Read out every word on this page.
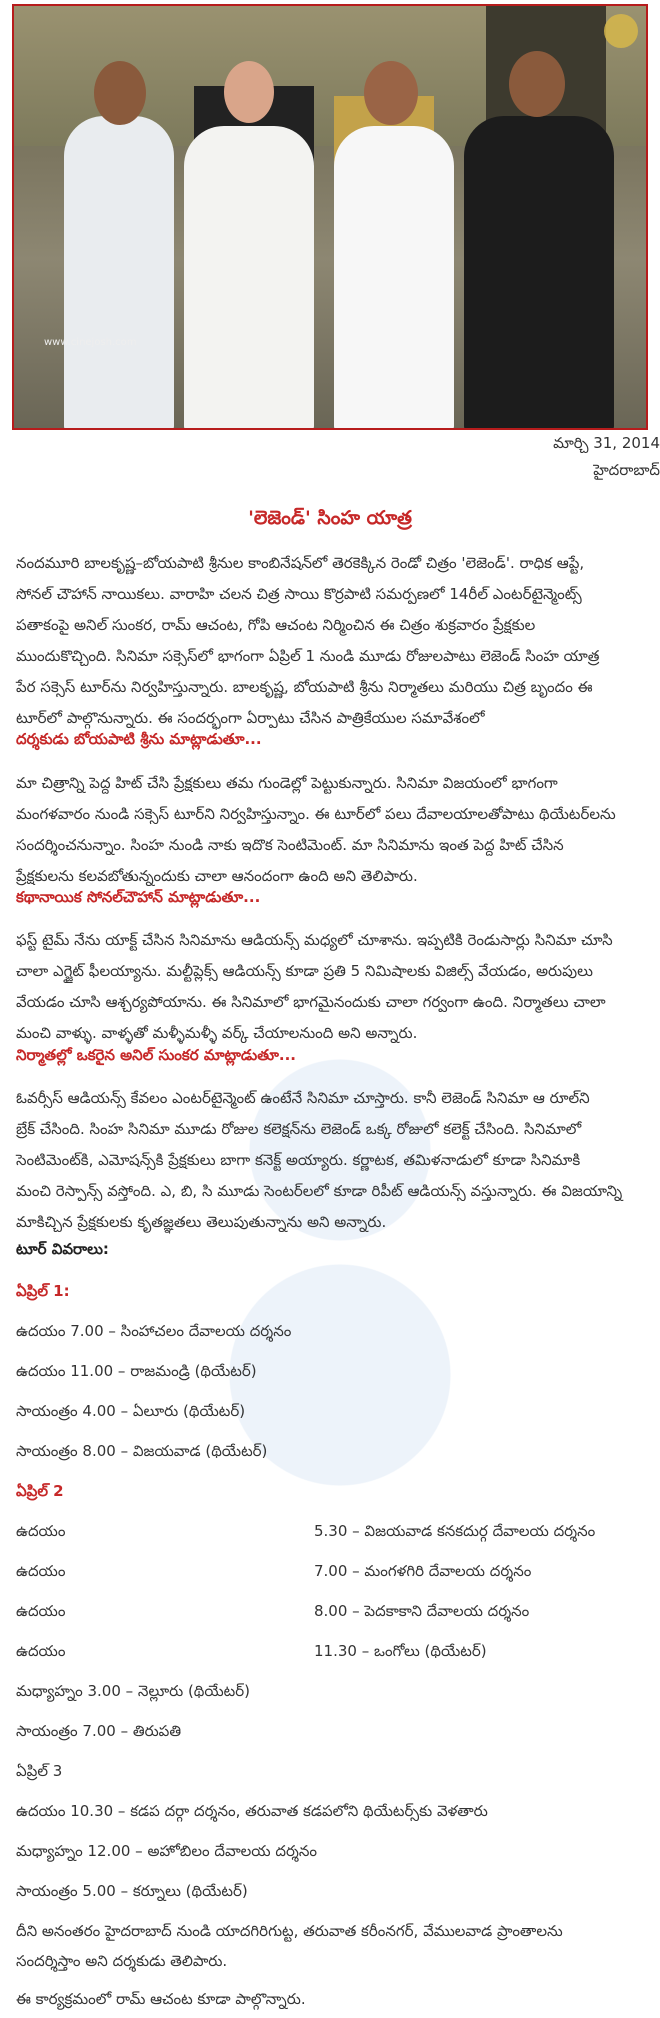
www.cinejosh.com
మార్చి 31, 2014
హైదరాబాద్
'లెజెండ్' సింహ యాత్ర
నందమూరి బాలకృష్ణ–బోయపాటి శ్రీనుల కాంబినేషన్‌లో తెరకెక్కిన రెండో చిత్రం 'లెజెండ్'. రాధిక ఆప్టే,
సోనల్ చౌహాన్ నాయికలు. వారాహి చలన చిత్ర సాయి కొర్రపాటి సమర్పణలో 14రీల్ ఎంటర్‌టైన్మెంట్స్
పతాకంపై అనిల్ సుంకర, రామ్ ఆచంట, గోపి ఆచంట నిర్మించిన ఈ చిత్రం శుక్రవారం ప్రేక్షకుల
ముందుకొచ్చింది. సినిమా సక్సెస్‌లో భాగంగా ఏప్రిల్ 1 నుండి మూడు రోజులపాటు లెజెండ్ సింహ యాత్ర
పేర సక్సెస్ టూర్‌ను నిర్వహిస్తున్నారు. బాలకృష్ణ, బోయపాటి శ్రీను నిర్మాతలు మరియు చిత్ర బృందం ఈ
టూర్‌లో పాల్గొనున్నారు. ఈ సందర్భంగా ఏర్పాటు చేసిన పాత్రికేయుల సమావేశంలో
దర్శకుడు బోయపాటి శ్రీను మాట్లాడుతూ...
మా చిత్రాన్ని పెద్ద హిట్ చేసి ప్రేక్షకులు తమ గుండెల్లో పెట్టుకున్నారు. సినిమా విజయంలో భాగంగా
మంగళవారం నుండి సక్సెస్ టూర్‌ని నిర్వహిస్తున్నాం. ఈ టూర్‌లో పలు దేవాలయాలతోపాటు థియేటర్‌లను
సందర్శించనున్నాం. సింహ నుండి నాకు ఇదొక సెంటిమెంట్. మా సినిమాను ఇంత పెద్ద హిట్ చేసిన
ప్రేక్షకులను కలవబోతున్నందుకు చాలా ఆనందంగా ఉంది అని తెలిపారు.
కథానాయిక సోనల్‌చౌహాన్ మాట్లాడుతూ...
ఫస్ట్ టైమ్ నేను యాక్ట్ చేసిన సినిమాను ఆడియన్స్ మధ్యలో చూశాను. ఇప్పటికి రెండుసార్లు సినిమా చూసి
చాలా ఎగ్జైట్ ఫీలయ్యాను. మల్టీప్లెక్స్ ఆడియన్స్ కూడా ప్రతి 5 నిమిషాలకు విజిల్స్ వేయడం, అరుపులు
వేయడం చూసి ఆశ్చర్యపోయాను. ఈ సినిమాలో భాగమైనందుకు చాలా గర్వంగా ఉంది. నిర్మాతలు చాలా
మంచి వాళ్ళు. వాళ్ళతో మళ్ళీమళ్ళీ వర్క్ చేయాలనుంది అని అన్నారు.
నిర్మాతల్లో ఒకరైన అనిల్ సుంకర మాట్లాడుతూ...
ఓవర్సీస్ ఆడియన్స్ కేవలం ఎంటర్‌టైన్మెంట్ ఉంటేనే సినిమా చూస్తారు. కానీ లెజెండ్ సినిమా ఆ రూల్‌ని
బ్రేక్ చేసింది. సింహ సినిమా మూడు రోజుల కలెక్షన్‌ను లెజెండ్ ఒక్క రోజులో కలెక్ట్ చేసింది. సినిమాలో
సెంటిమెంట్‌కి, ఎమోషన్స్‌కి ప్రేక్షకులు బాగా కనెక్ట్ అయ్యారు. కర్ణాటక, తమిళనాడులో కూడా సినిమాకి
మంచి రెస్పాన్స్ వస్తోంది. ఎ, బి, సి మూడు సెంటర్‌లలో కూడా రిపీట్ ఆడియన్స్ వస్తున్నారు. ఈ విజయాన్ని
మాకిచ్చిన ప్రేక్షకులకు కృతజ్ఞతలు తెలుపుతున్నాను అని అన్నారు.
టూర్ వివరాలు:
ఏప్రిల్ 1:
ఉదయం 7.00 – సింహాచలం దేవాలయ దర్శనం
ఉదయం 11.00 – రాజమండ్రి (థియేటర్)
సాయంత్రం 4.00 – ఏలూరు (థియేటర్)
సాయంత్రం 8.00 – విజయవాడ (థియేటర్)
ఏప్రిల్ 2
ఉదయం	5.30 – విజయవాడ కనకదుర్గ దేవాలయ దర్శనం
ఉదయం	7.00 – మంగళగిరి దేవాలయ దర్శనం
ఉదయం	8.00 – పెదకాకాని దేవాలయ దర్శనం
ఉదయం	11.30 – ఒంగోలు (థియేటర్)
మధ్యాహ్నం 3.00 – నెల్లూరు (థియేటర్)
సాయంత్రం 7.00 – తిరుపతి
ఏప్రిల్ 3
ఉదయం 10.30 – కడప దర్గా దర్శనం, తరువాత కడపలోని థియేటర్స్‌కు వెళతారు
మధ్యాహ్నం 12.00 – అహోబిలం దేవాలయ దర్శనం
సాయంత్రం 5.00 – కర్నూలు (థియేటర్)
దీని అనంతరం హైదరాబాద్ నుండి యాదగిరిగుట్ట, తరువాత కరీంనగర్, వేములవాడ ప్రాంతాలను
సందర్శిస్తాం అని దర్శకుడు తెలిపారు.
ఈ కార్యక్రమంలో రామ్ ఆచంట కూడా పాల్గొన్నారు.
